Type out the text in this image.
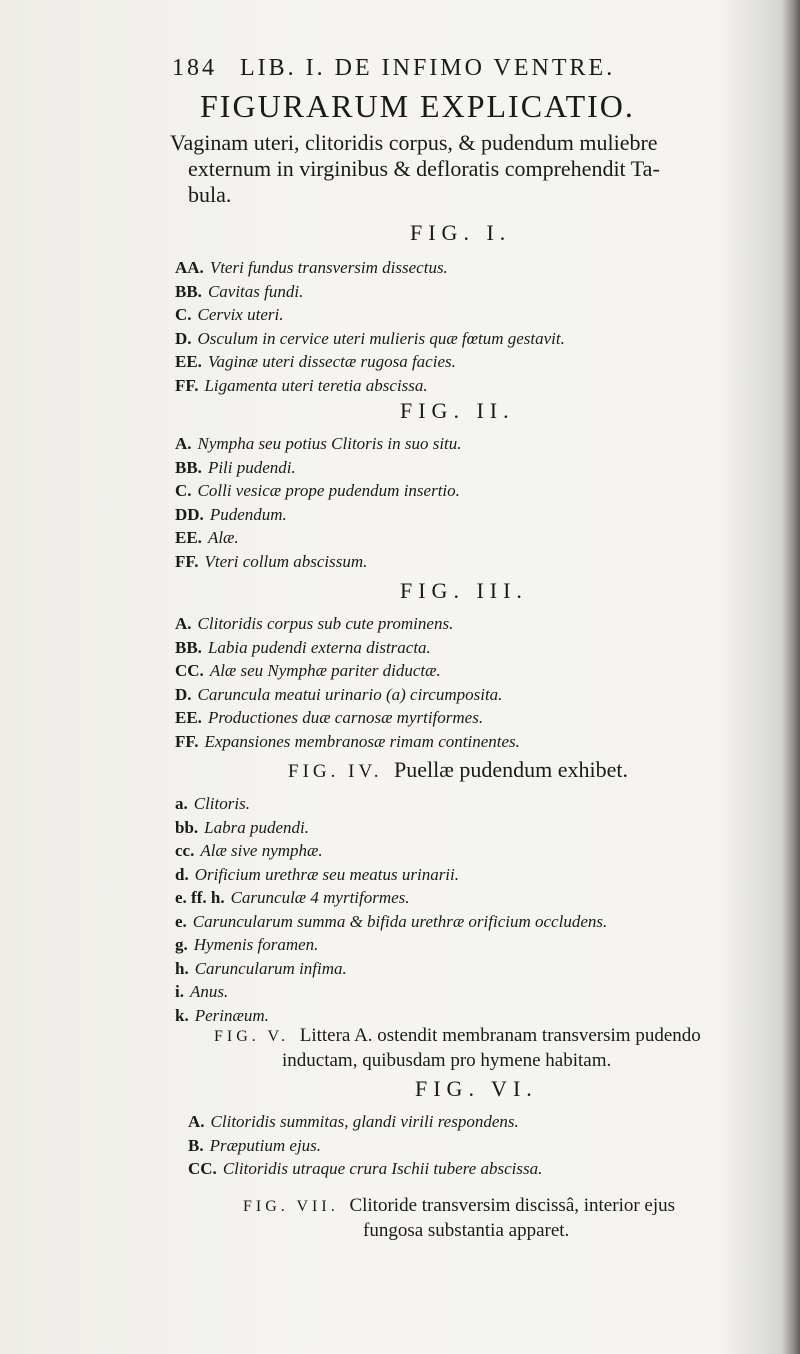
184 LIB. I. DE INFIMO VENTRE.
FIGURARUM EXPLICATIO.
Vaginam uteri, clitoridis corpus, & pudendum muliebre
externum in virginibus & defloratis comprehendit Ta-
bula.
FIG. I.
AA. Vteri fundus transversim dissectus.
BB. Cavitas fundi.
C. Cervix uteri.
D. Osculum in cervice uteri mulieris quæ fœtum gestavit.
EE. Vaginæ uteri dissectæ rugosa facies.
FF. Ligamenta uteri teretia abscissa.
FIG. II.
A. Nympha seu potius Clitoris in suo situ.
BB. Pili pudendi.
C. Colli vesicæ prope pudendum insertio.
DD. Pudendum.
EE. Alæ.
FF. Vteri collum abscissum.
FIG. III.
A. Clitoridis corpus sub cute prominens.
BB. Labia pudendi externa distracta.
CC. Alæ seu Nymphæ pariter diductæ.
D. Caruncula meatui urinario (a) circumposita.
EE. Productiones duæ carnosæ myrtiformes.
FF. Expansiones membranosæ rimam continentes.
FIG. IV. Puellæ pudendum exhibet.
a. Clitoris.
bb. Labra pudendi.
cc. Alæ sive nymphæ.
d. Orificium urethræ seu meatus urinarii.
e. ff. h. Carunculæ 4 myrtiformes.
e. Caruncularum summa & bifida urethræ orificium occludens.
g. Hymenis foramen.
h. Caruncularum infima.
i. Anus.
k. Perinæum.
FIG. V. Littera A. ostendit membranam transversim pudendo
inductam, quibusdam pro hymene habitam.
FIG. VI.
A. Clitoridis summitas, glandi virili respondens.
B. Præputium ejus.
CC. Clitoridis utraque crura Ischii tubere abscissa.
FIG. VII. Clitoride transversim discissâ, interior ejus
fungosa substantia apparet.
